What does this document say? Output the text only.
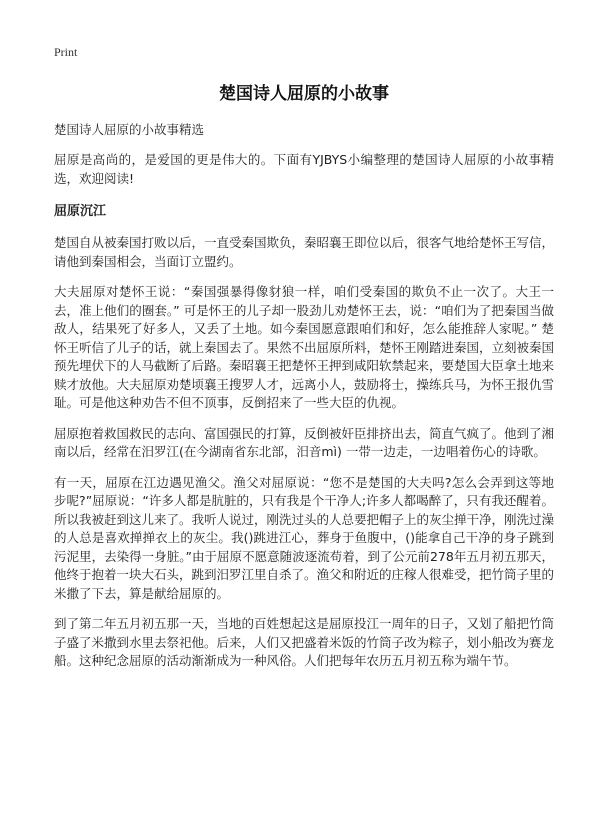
Print

楚国诗人屈原的小故事

楚国诗人屈原的小故事精选

屈原是高尚的，是爱国的更是伟大的。下面有YJBYS小编整理的楚国诗人屈原的小故事精选，欢迎阅读!

屈原沉江

楚国自从被秦国打败以后，一直受秦国欺负，秦昭襄王即位以后，很客气地给楚怀王写信，请他到秦国相会，当面订立盟约。

大夫屈原对楚怀王说：“秦国强暴得像豺狼一样，咱们受秦国的欺负不止一次了。大王一去，准上他们的圈套。” 可是怀王的儿子却一股劲儿劝楚怀王去，说：“咱们为了把秦国当做敌人，结果死了好多人，又丢了土地。如今秦国愿意跟咱们和好，怎么能推辞人家呢。” 楚怀王听信了儿子的话，就上秦国去了。果然不出屈原所料，楚怀王刚踏进秦国，立刻被秦国预先埋伏下的人马截断了后路。秦昭襄王把楚怀王押到咸阳软禁起来，要楚国大臣拿土地来赎才放他。大夫屈原劝楚顷襄王搜罗人才，远离小人，鼓励将士，操练兵马，为怀王报仇雪耻。可是他这种劝告不但不顶事，反倒招来了一些大臣的仇视。

屈原抱着救国救民的志向、富国强民的打算，反倒被奸臣排挤出去，简直气疯了。他到了湘南以后，经常在汨罗江(在今湖南省东北部，汨音mì) 一带一边走，一边唱着伤心的诗歌。

有一天，屈原在江边遇见渔父。渔父对屈原说：“您不是楚国的大夫吗?怎么会弄到这等地步呢?”屈原说：“许多人都是肮脏的，只有我是个干净人;许多人都喝醉了，只有我还醒着。所以我被赶到这儿来了。我听人说过，刚洗过头的人总要把帽子上的灰尘掸干净，刚洗过澡的人总是喜欢掸掸衣上的灰尘。我()跳进江心，葬身于鱼腹中，()能拿自己干净的身子跳到污泥里，去染得一身脏。”由于屈原不愿意随波逐流苟着，到了公元前278年五月初五那天，他终于抱着一块大石头，跳到汨罗江里自杀了。渔父和附近的庄稼人很难受，把竹筒子里的米撒了下去，算是献给屈原的。

到了第二年五月初五那一天，当地的百姓想起这是屈原投江一周年的日子，又划了船把竹筒子盛了米撒到水里去祭祀他。后来，人们又把盛着米饭的竹筒子改为粽子，划小船改为赛龙船。这种纪念屈原的活动渐渐成为一种风俗。人们把每年农历五月初五称为端午节。
